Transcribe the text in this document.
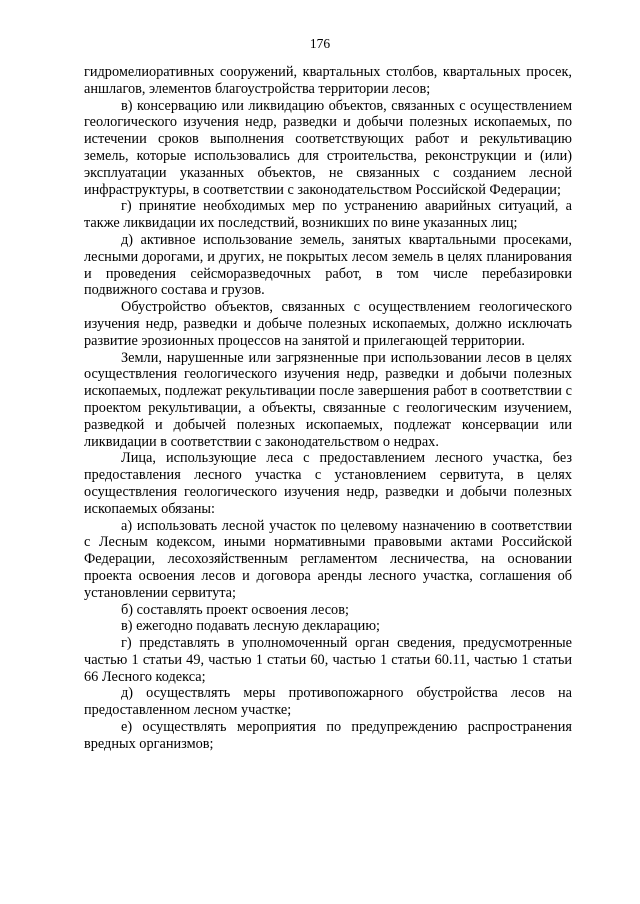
176

гидромелиоративных сооружений, квартальных столбов, квартальных просек, аншлагов, элементов благоустройства территории лесов;

в) консервацию или ликвидацию объектов, связанных с осуществлением геологического изучения недр, разведки и добычи полезных ископаемых, по истечении сроков выполнения соответствующих работ и рекультивацию земель, которые использовались для строительства, реконструкции и (или) эксплуатации указанных объектов, не связанных с созданием лесной инфраструктуры, в соответствии с законодательством Российской Федерации;

г) принятие необходимых мер по устранению аварийных ситуаций, а также ликвидации их последствий, возникших по вине указанных лиц;

д) активное использование земель, занятых квартальными просеками, лесными дорогами, и других, не покрытых лесом земель в целях планирования и проведения сейсморазведочных работ, в том числе перебазировки подвижного состава и грузов.

Обустройство объектов, связанных с осуществлением геологического изучения недр, разведки и добыче полезных ископаемых, должно исключать развитие эрозионных процессов на занятой и прилегающей территории.

Земли, нарушенные или загрязненные при использовании лесов в целях осуществления геологического изучения недр, разведки и добычи полезных ископаемых, подлежат рекультивации после завершения работ в соответствии с проектом рекультивации, а объекты, связанные с геологическим изучением, разведкой и добычей полезных ископаемых, подлежат консервации или ликвидации в соответствии с законодательством о недрах.

Лица, использующие леса с предоставлением лесного участка, без предоставления лесного участка с установлением сервитута, в целях осуществления геологического изучения недр, разведки и добычи полезных ископаемых обязаны:

а) использовать лесной участок по целевому назначению в соответствии с Лесным кодексом, иными нормативными правовыми актами Российской Федерации, лесохозяйственным регламентом лесничества, на основании проекта освоения лесов и договора аренды лесного участка, соглашения об установлении сервитута;

б) составлять проект освоения лесов;

в) ежегодно подавать лесную декларацию;

г) представлять в уполномоченный орган сведения, предусмотренные частью 1 статьи 49, частью 1 статьи 60, частью 1 статьи 60.11, частью 1 статьи 66 Лесного кодекса;

д) осуществлять меры противопожарного обустройства лесов на предоставленном лесном участке;

е) осуществлять мероприятия по предупреждению распространения вредных организмов;
